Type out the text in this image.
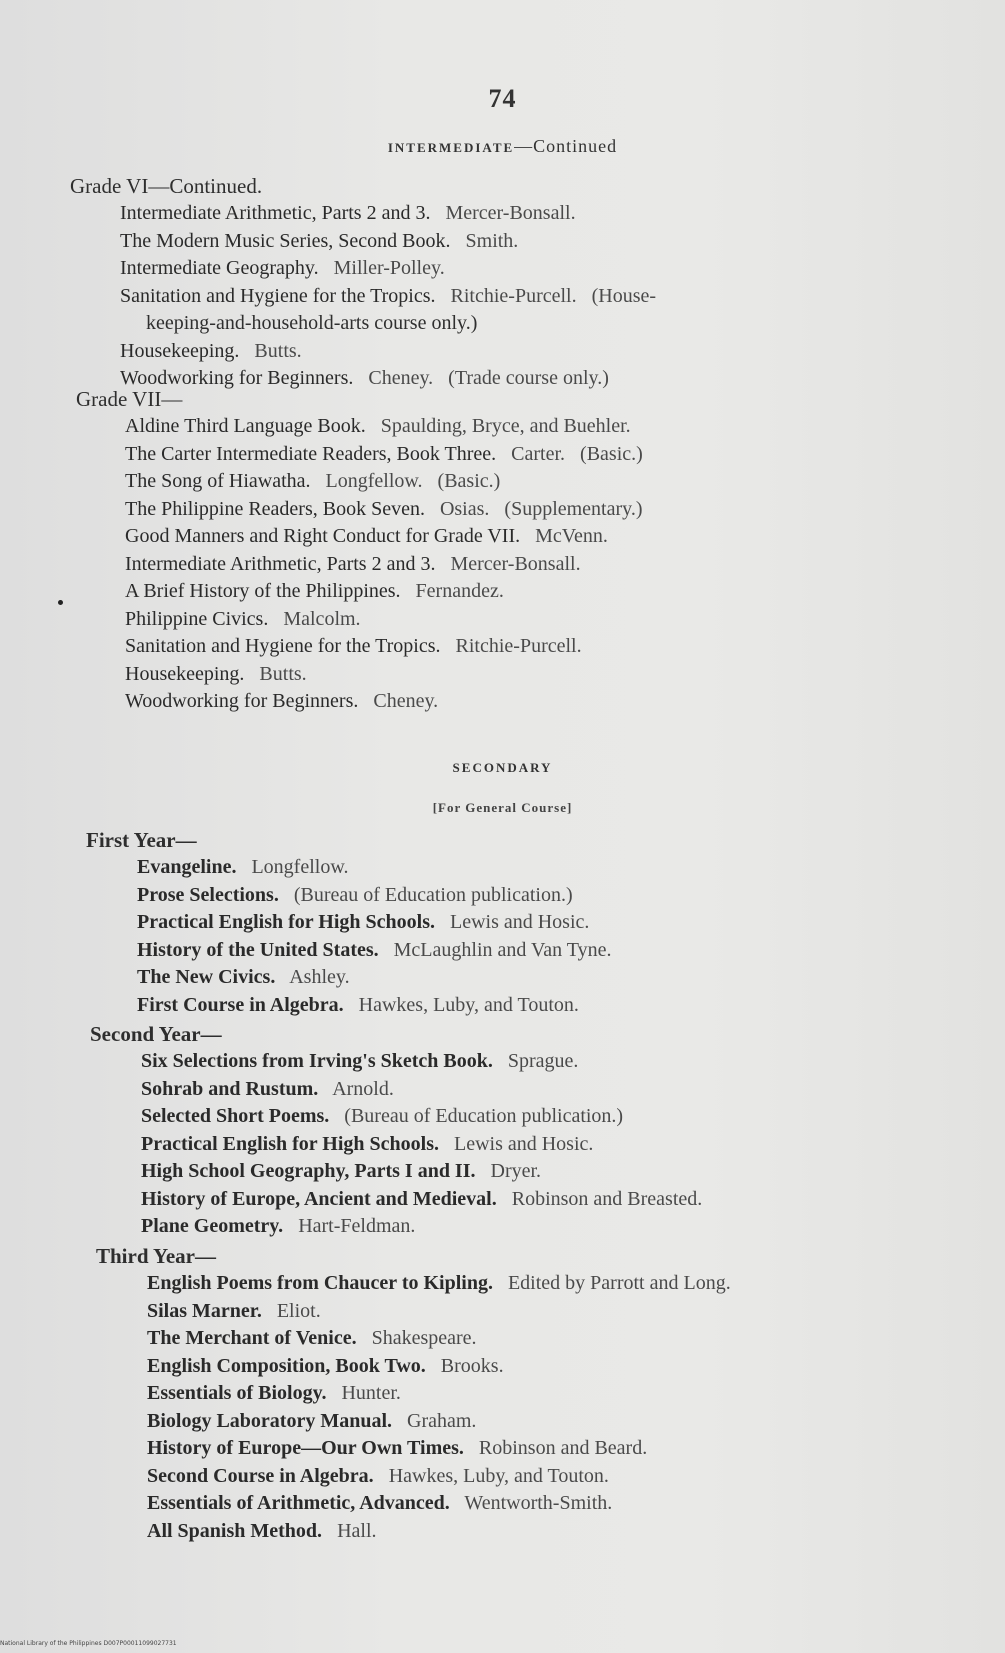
74
INTERMEDIATE—Continued
Grade VI—Continued.
Intermediate Arithmetic, Parts 2 and 3. Mercer-Bonsall.
The Modern Music Series, Second Book. Smith.
Intermediate Geography. Miller-Polley.
Sanitation and Hygiene for the Tropics. Ritchie-Purcell. (House-
keeping-and-household-arts course only.)
Housekeeping. Butts.
Woodworking for Beginners. Cheney. (Trade course only.)
Grade VII—
Aldine Third Language Book. Spaulding, Bryce, and Buehler.
The Carter Intermediate Readers, Book Three. Carter. (Basic.)
The Song of Hiawatha. Longfellow. (Basic.)
The Philippine Readers, Book Seven. Osias. (Supplementary.)
Good Manners and Right Conduct for Grade VII. McVenn.
Intermediate Arithmetic, Parts 2 and 3. Mercer-Bonsall.
A Brief History of the Philippines. Fernandez.
Philippine Civics. Malcolm.
Sanitation and Hygiene for the Tropics. Ritchie-Purcell.
Housekeeping. Butts.
Woodworking for Beginners. Cheney.
SECONDARY
[For General Course]
First Year—
Evangeline. Longfellow.
Prose Selections. (Bureau of Education publication.)
Practical English for High Schools. Lewis and Hosic.
History of the United States. McLaughlin and Van Tyne.
The New Civics. Ashley.
First Course in Algebra. Hawkes, Luby, and Touton.
Second Year—
Six Selections from Irving's Sketch Book. Sprague.
Sohrab and Rustum. Arnold.
Selected Short Poems. (Bureau of Education publication.)
Practical English for High Schools. Lewis and Hosic.
High School Geography, Parts I and II. Dryer.
History of Europe, Ancient and Medieval. Robinson and Breasted.
Plane Geometry. Hart-Feldman.
Third Year—
English Poems from Chaucer to Kipling. Edited by Parrott and Long.
Silas Marner. Eliot.
The Merchant of Venice. Shakespeare.
English Composition, Book Two. Brooks.
Essentials of Biology. Hunter.
Biology Laboratory Manual. Graham.
History of Europe—Our Own Times. Robinson and Beard.
Second Course in Algebra. Hawkes, Luby, and Touton.
Essentials of Arithmetic, Advanced. Wentworth-Smith.
All Spanish Method. Hall.
National Library of the Philippines D007P00011099027731
